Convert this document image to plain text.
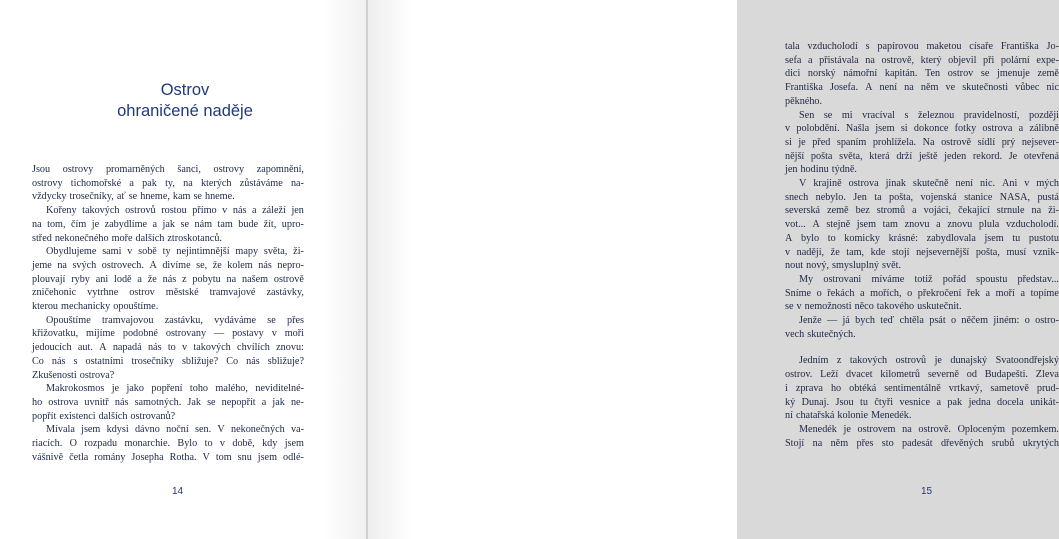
Ostrov
ohraničené naděje
Jsou ostrovy promarněných šanci, ostrovy zapomnění,
ostrovy tichomořské a pak ty, na kterých zůstáváme na-
vždycky trosečníky, ať se hneme, kam se hneme.
Kořeny takových ostrovů rostou přímo v nás a záleží jen
na tom, čím je zabydlíme a jak se nám tam bude žít, upro-
střed nekonečného moře dalších ztroskotanců.
Obydlujeme sami v sobě ty nejintimnější mapy světa, ži-
jeme na svých ostrovech. A divíme se, že kolem nás nepro-
plouvají ryby ani lodě a že nás z pobytu na našem ostrově
zničehonic vytrhne ostrov městské tramvajové zastávky,
kterou mechanicky opouštíme.
Opouštíme tramvajovou zastávku, vydáváme se přes
křižovatku, míjíme podobné ostrovany — postavy v moři
jedoucích aut. A napadá nás to v takových chvílích znovu:
Co nás s ostatními trosečníky sbližuje? Co nás sbližuje?
Zkušenosti ostrova?
Makrokosmos je jako popření toho malého, neviditelné-
ho ostrova uvnitř nás samotných. Jak se nepopřít a jak ne-
popřít existenci dalších ostrovanů?
Mívala jsem kdysi dávno noční sen. V nekonečných va-
riacích. O rozpadu monarchie. Bylo to v době, kdy jsem
vášnivě četla romány Josepha Rotha. V tom snu jsem odlé-
14
tala vzducholodí s papírovou maketou císaře Františka Jo-
sefa a přistávala na ostrově, který objevil při polární expe-
dici norský námořní kapitán. Ten ostrov se jmenuje země
Františka Josefa. A není na něm ve skutečnosti vůbec nic
pěkného.
Sen se mi vracíval s železnou pravidelností, později
v polobdění. Našla jsem si dokonce fotky ostrova a zálibně
si je před spaním prohlížela. Na ostrově sídlí prý nejsever-
nější pošta světa, která drží ještě jeden rekord. Je otevřená
jen hodinu týdně.
V krajině ostrova jinak skutečně není nic. Ani v mých
snech nebylo. Jen ta pošta, vojenská stanice NASA, pustá
severská země bez stromů a vojáci, čekající strnule na ži-
vot... A stejně jsem tam znovu a znovu plula vzducholodí.
A bylo to komicky krásné: zabydlovala jsem tu pustotu
v naději, že tam, kde stojí nejsevernější pošta, musí vznik-
nout nový, smysluplný svět.
My ostrovani míváme totiž pořád spoustu představ...
Sníme o řekách a mořích, o překročení řek a moří a topíme
se v nemožnosti něco takového uskutečnit.
Jenže — já bych teď chtěla psát o něčem jiném: o ostro-
vech skutečných.
Jedním z takových ostrovů je dunajský Svatoondřejský
ostrov. Leží dvacet kilometrů severně od Budapešti. Zleva
i zprava ho obtéká sentimentálně vrtkavý, sametově prud-
ký Dunaj. Jsou tu čtyři vesnice a pak jedna docela unikát-
ní chatařská kolonie Menedék.
Menedék je ostrovem na ostrově. Oploceným pozemkem.
Stojí na něm přes sto padesát dřevěných srubů ukrytých
15
